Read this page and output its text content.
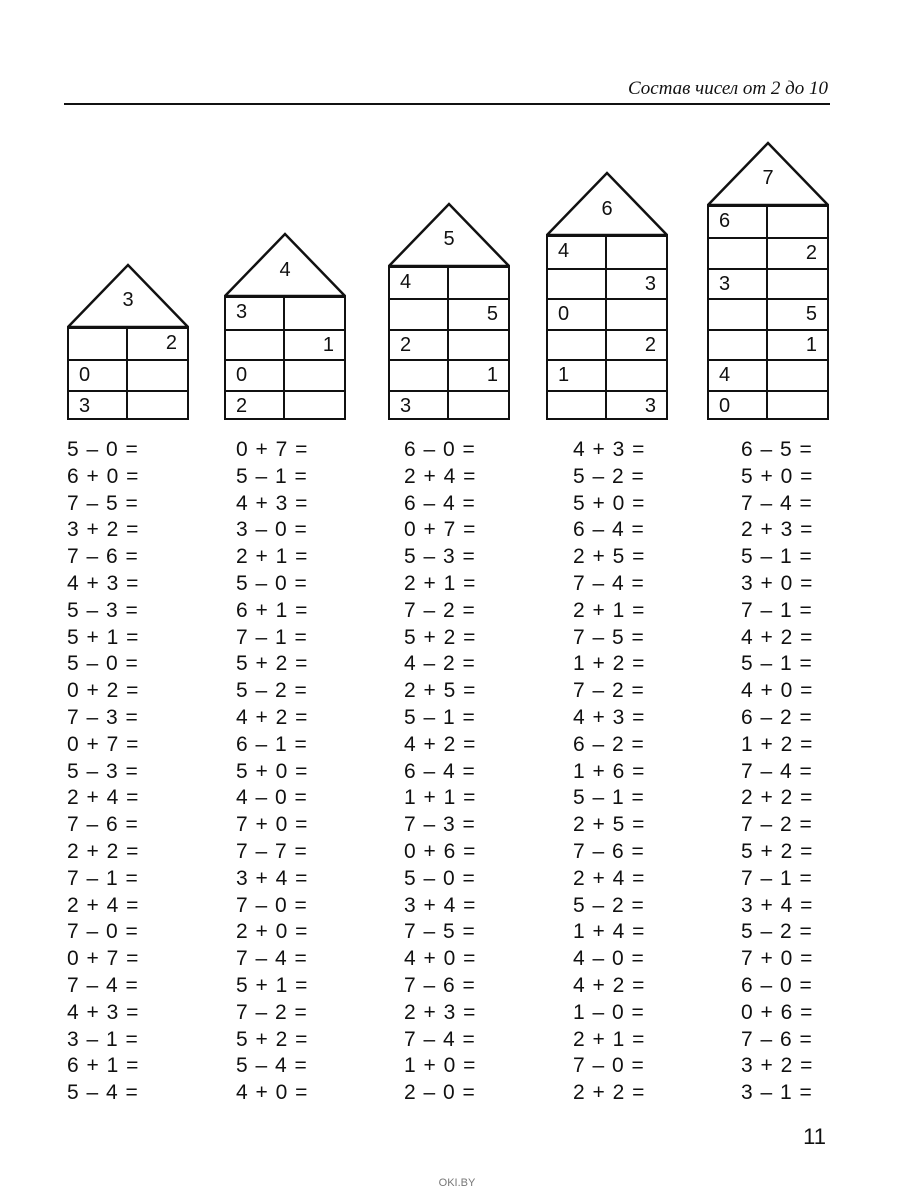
Состав чисел от 2 до 10
3
2
0
3
4
3
1
0
2
5
4
5
2
1
3
6
4
3
0
2
1
3
7
6
2
3
5
1
4
0
5 – 0 =
6 + 0 =
7 – 5 =
3 + 2 =
7 – 6 =
4 + 3 =
5 – 3 =
5 + 1 =
5 – 0 =
0 + 2 =
7 – 3 =
0 + 7 =
5 – 3 =
2 + 4 =
7 – 6 =
2 + 2 =
7 – 1 =
2 + 4 =
7 – 0 =
0 + 7 =
7 – 4 =
4 + 3 =
3 – 1 =
6 + 1 =
5 – 4 =
0 + 7 =
5 – 1 =
4 + 3 =
3 – 0 =
2 + 1 =
5 – 0 =
6 + 1 =
7 – 1 =
5 + 2 =
5 – 2 =
4 + 2 =
6 – 1 =
5 + 0 =
4 – 0 =
7 + 0 =
7 – 7 =
3 + 4 =
7 – 0 =
2 + 0 =
7 – 4 =
5 + 1 =
7 – 2 =
5 + 2 =
5 – 4 =
4 + 0 =
6 – 0 =
2 + 4 =
6 – 4 =
0 + 7 =
5 – 3 =
2 + 1 =
7 – 2 =
5 + 2 =
4 – 2 =
2 + 5 =
5 – 1 =
4 + 2 =
6 – 4 =
1 + 1 =
7 – 3 =
0 + 6 =
5 – 0 =
3 + 4 =
7 – 5 =
4 + 0 =
7 – 6 =
2 + 3 =
7 – 4 =
1 + 0 =
2 – 0 =
4 + 3 =
5 – 2 =
5 + 0 =
6 – 4 =
2 + 5 =
7 – 4 =
2 + 1 =
7 – 5 =
1 + 2 =
7 – 2 =
4 + 3 =
6 – 2 =
1 + 6 =
5 – 1 =
2 + 5 =
7 – 6 =
2 + 4 =
5 – 2 =
1 + 4 =
4 – 0 =
4 + 2 =
1 – 0 =
2 + 1 =
7 – 0 =
2 + 2 =
6 – 5 =
5 + 0 =
7 – 4 =
2 + 3 =
5 – 1 =
3 + 0 =
7 – 1 =
4 + 2 =
5 – 1 =
4 + 0 =
6 – 2 =
1 + 2 =
7 – 4 =
2 + 2 =
7 – 2 =
5 + 2 =
7 – 1 =
3 + 4 =
5 – 2 =
7 + 0 =
6 – 0 =
0 + 6 =
7 – 6 =
3 + 2 =
3 – 1 =
11
OKI.BY
